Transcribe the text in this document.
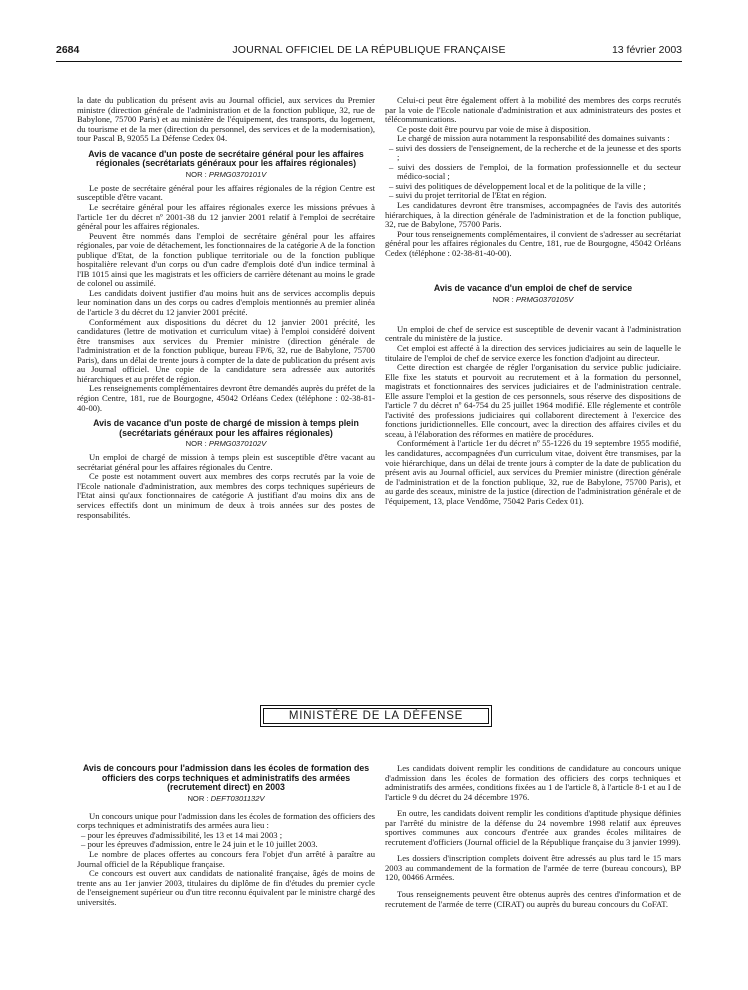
2684	JOURNAL OFFICIEL DE LA RÉPUBLIQUE FRANÇAISE	13 février 2003

la date du publication du présent avis au Journal officiel, aux services du Premier ministre (direction générale de l'administration et de la fonction publique, 32, rue de Babylone, 75700 Paris) et au ministère de l'équipement, des transports, du logement, du tourisme et de la mer (direction du personnel, des services et de la modernisation), tour Pascal B, 92055 La Défense Cedex 04.

Avis de vacance d'un poste de secrétaire général pour les affaires régionales (secrétariats généraux pour les affaires régionales)
NOR : PRMG0370101V

Le poste de secrétaire général pour les affaires régionales de la région Centre est susceptible d'être vacant.

Le secrétaire général pour les affaires régionales exerce les missions prévues à l'article 1er du décret nº 2001-38 du 12 janvier 2001 relatif à l'emploi de secrétaire général pour les affaires régionales.

Peuvent être nommés dans l'emploi de secrétaire général pour les affaires régionales, par voie de détachement, les fonctionnaires de la catégorie A de la fonction publique d'Etat, de la fonction publique territoriale ou de la fonction publique hospitalière relevant d'un corps ou d'un cadre d'emplois doté d'un indice terminal à l'IB 1015 ainsi que les magistrats et les officiers de carrière détenant au moins le grade de colonel ou assimilé.

Les candidats doivent justifier d'au moins huit ans de services accomplis depuis leur nomination dans un des corps ou cadres d'emplois mentionnés au premier alinéa de l'article 3 du décret du 12 janvier 2001 précité.

Conformément aux dispositions du décret du 12 janvier 2001 précité, les candidatures (lettre de motivation et curriculum vitae) à l'emploi considéré doivent être transmises aux services du Premier ministre (direction générale de l'administration et de la fonction publique, bureau FP/6, 32, rue de Babylone, 75700 Paris), dans un délai de trente jours à compter de la date de publication du présent avis au Journal officiel. Une copie de la candidature sera adressée aux autorités hiérarchiques et au préfet de région.

Les renseignements complémentaires devront être demandés auprès du préfet de la région Centre, 181, rue de Bourgogne, 45042 Orléans Cedex (téléphone : 02-38-81-40-00).

Avis de vacance d'un poste de chargé de mission à temps plein (secrétariats généraux pour les affaires régionales)
NOR : PRMG0370102V

Un emploi de chargé de mission à temps plein est susceptible d'être vacant au secrétariat général pour les affaires régionales du Centre.

Ce poste est notamment ouvert aux membres des corps recrutés par la voie de l'Ecole nationale d'administration, aux membres des corps techniques supérieurs de l'Etat ainsi qu'aux fonctionnaires de catégorie A justifiant d'au moins dix ans de services effectifs dont un minimum de deux à trois années sur des postes de responsabilités.

Celui-ci peut être également offert à la mobilité des membres des corps recrutés par la voie de l'Ecole nationale d'administration et aux administrateurs des postes et télécommunications.

Ce poste doit être pourvu par voie de mise à disposition.

Le chargé de mission aura notamment la responsabilité des domaines suivants :

– suivi des dossiers de l'enseignement, de la recherche et de la jeunesse et des sports ;
– suivi des dossiers de l'emploi, de la formation professionnelle et du secteur médico-social ;
– suivi des politiques de développement local et de la politique de la ville ;
– suivi du projet territorial de l'Etat en région.

Les candidatures devront être transmises, accompagnées de l'avis des autorités hiérarchiques, à la direction générale de l'administration et de la fonction publique, 32, rue de Babylone, 75700 Paris.

Pour tous renseignements complémentaires, il convient de s'adresser au secrétariat général pour les affaires régionales du Centre, 181, rue de Bourgogne, 45042 Orléans Cedex (téléphone : 02-38-81-40-00).

Avis de vacance d'un emploi de chef de service
NOR : PRMG0370105V

Un emploi de chef de service est susceptible de devenir vacant à l'administration centrale du ministère de la justice.

Cet emploi est affecté à la direction des services judiciaires au sein de laquelle le titulaire de l'emploi de chef de service exerce les fonction d'adjoint au directeur.

Cette direction est chargée de régler l'organisation du service public judiciaire. Elle fixe les statuts et pourvoit au recrutement et à la formation du personnel, magistrats et fonctionnaires des services judiciaires et de l'administration centrale. Elle assure l'emploi et la gestion de ces personnels, sous réserve des dispositions de l'article 7 du décret nº 64-754 du 25 juillet 1964 modifié. Elle réglemente et contrôle l'activité des professions judiciaires qui collaborent directement à l'exercice des fonctions juridictionnelles. Elle concourt, avec la direction des affaires civiles et du sceau, à l'élaboration des réformes en matière de procédures.

Conformément à l'article 1er du décret nº 55-1226 du 19 septembre 1955 modifié, les candidatures, accompagnées d'un curriculum vitae, doivent être transmises, par la voie hiérarchique, dans un délai de trente jours à compter de la date de publication du présent avis au Journal officiel, aux services du Premier ministre (direction générale de l'administration et de la fonction publique, 32, rue de Babylone, 75700 Paris), et au garde des sceaux, ministre de la justice (direction de l'administration générale et de l'équipement, 13, place Vendôme, 75042 Paris Cedex 01).

MINISTÈRE DE LA DÉFENSE
Avis de concours pour l'admission dans les écoles de formation des officiers des corps techniques et administratifs des armées (recrutement direct) en 2003
NOR : DEFT0301132V

Un concours unique pour l'admission dans les écoles de formation des officiers des corps techniques et administratifs des armées aura lieu :

– pour les épreuves d'admissibilité, les 13 et 14 mai 2003 ;
– pour les épreuves d'admission, entre le 24 juin et le 10 juillet 2003.

Le nombre de places offertes au concours fera l'objet d'un arrêté à paraître au Journal officiel de la République française.

Ce concours est ouvert aux candidats de nationalité française, âgés de moins de trente ans au 1er janvier 2003, titulaires du diplôme de fin d'études du premier cycle de l'enseignement supérieur ou d'un titre reconnu équivalent par le ministre chargé des universités.

Les candidats doivent remplir les conditions de candidature au concours unique d'admission dans les écoles de formation des officiers des corps techniques et administratifs des armées, conditions fixées au 1 de l'article 8, à l'article 8-1 et au I de l'article 9 du décret du 24 décembre 1976.

En outre, les candidats doivent remplir les conditions d'aptitude physique définies par l'arrêté du ministre de la défense du 24 novembre 1998 relatif aux épreuves sportives communes aux concours d'entrée aux grandes écoles militaires de recrutement d'officiers (Journal officiel de la République française du 3 janvier 1999).

Les dossiers d'inscription complets doivent être adressés au plus tard le 15 mars 2003 au commandement de la formation de l'armée de terre (bureau concours), BP 120, 00466 Armées.

Tous renseignements peuvent être obtenus auprès des centres d'information et de recrutement de l'armée de terre (CIRAT) ou auprès du bureau concours du CoFAT.
